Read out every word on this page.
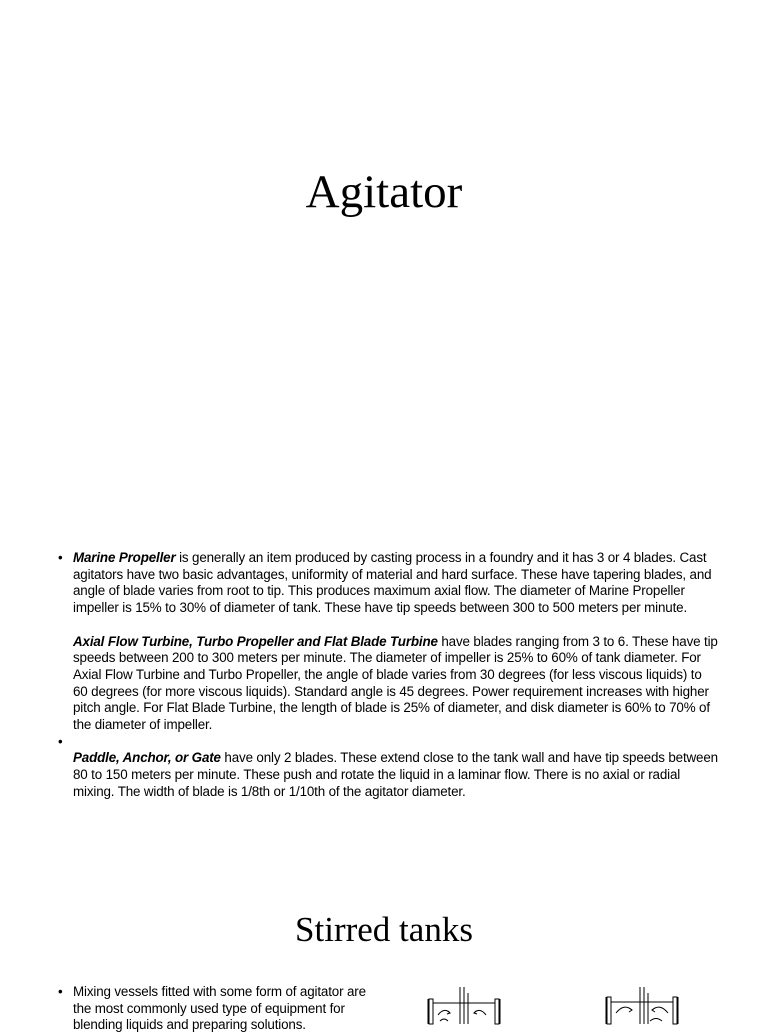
Agitator
• Marine Propeller is generally an item produced by casting process in a foundry and it has 3 or 4 blades. Cast agitators have two basic advantages, uniformity of material and hard surface. These have tapering blades, and angle of blade varies from root to tip. This produces maximum axial flow. The diameter of Marine Propeller impeller is 15% to 30% of diameter of tank. These have tip speeds between 300 to 500 meters per minute.
Axial Flow Turbine, Turbo Propeller and Flat Blade Turbine have blades ranging from 3 to 6. These have tip speeds between 200 to 300 meters per minute. The diameter of impeller is 25% to 60% of tank diameter. For Axial Flow Turbine and Turbo Propeller, the angle of blade varies from 30 degrees (for less viscous liquids) to 60 degrees (for more viscous liquids). Standard angle is 45 degrees. Power requirement increases with higher pitch angle. For Flat Blade Turbine, the length of blade is 25% of diameter, and disk diameter is 60% to 70% of the diameter of impeller.
•
Paddle, Anchor, or Gate have only 2 blades. These extend close to the tank wall and have tip speeds between 80 to 150 meters per minute. These push and rotate the liquid in a laminar flow. There is no axial or radial mixing. The width of blade is 1/8th or 1/10th of the agitator diameter.
Stirred tanks
• Mixing vessels fitted with some form of agitator are the most commonly used type of equipment for blending liquids and preparing solutions.
